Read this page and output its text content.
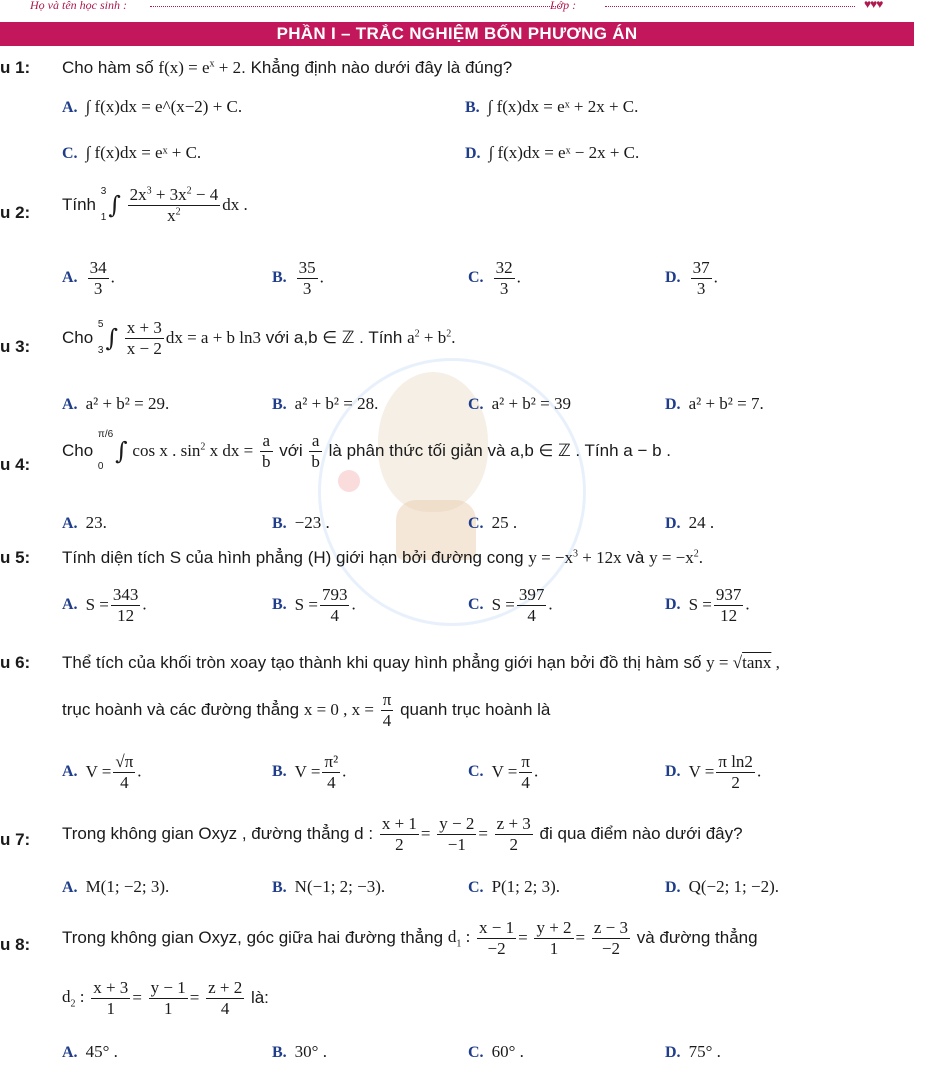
Họ và tên học sinh :	Lớp :	♥♥♥
PHẦN I – TRẮC NGHIỆM BỐN PHƯƠNG ÁN
u 1:	Cho hàm số $f(x) = e^x + 2$. Khẳng định nào dưới đây là đúng?
A. ∫ f(x)dx = e^(x−2) + C.	B. ∫ f(x)dx = eˣ + 2x + C.
C. ∫ f(x)dx = eˣ + C.	D. ∫ f(x)dx = eˣ − 2x + C.
u 2:	Tính
3
1 ∫ $\frac{2x^3 + 3x^2 - 4}{x^2}$ dx .
A. $\frac{34}{3}$ .	B. $\frac{35}{3}$ .	C. $\frac{32}{3}$ .	D. $\frac{37}{3}$ .
u 3:	Cho
5
3 ∫ $\frac{x + 3}{x - 2}$ dx = a + b ln3 với a,b ∈ ℤ . Tính $a^2 + b^2$.
A. a² + b² = 29.	B. a² + b² = 28.	C. a² + b² = 39	D. a² + b² = 7.
u 4:
Cho
π/6
0
∫ cos x . $\sin^2 x$ dx = $\frac{a}{b}$ với $\frac{a}{b}$ là phân thức tối giản và a,b ∈ ℤ . Tính a − b .
A. 23.	B. −23 .	C. 25 .	D. 24 .
u 5:	Tính diện tích S của hình phẳng (H) giới hạn bởi đường cong $y = -x^3 + 12x$ và $y = -x^2$.
A. $S = \frac{343}{12}$ .	B. $S = \frac{793}{4}$ .	C. $S = \frac{397}{4}$ .	D. $S = \frac{937}{12}$ .
u 6:	Thể tích của khối tròn xoay tạo thành khi quay hình phẳng giới hạn bởi đồ thị hàm số y = √tanx ,
trục hoành và các đường thẳng x = 0 , $x = \frac{\pi}{4}$ quanh trục hoành là
A. $V = \frac{√\pi}{4}$ .	B. $V = \frac{\text{π²}}{4}$ .	C. $V = \frac{\pi}{4}$ .	D. $V = \frac{\text{π ln2}}{2}$ .
u 7:	Trong không gian Oxyz , đường thẳng d : $\frac{x + 1}{2} = \frac{y - 2}{-1} = \frac{z + 3}{2}$ đi qua điểm nào dưới đây?
A. M(1; −2; 3).	B. N(−1; 2; −3).	C. P(1; 2; 3).	D. Q(−2; 1; −2).
u 8:	Trong không gian Oxyz, góc giữa hai đường thẳng $d_1$ : $\frac{x - 1}{-2} = \frac{y + 2}{1} = \frac{z - 3}{-2}$ và đường thẳng
$d_2$ : $\frac{x + 3}{1} = \frac{y - 1}{1} = \frac{z + 2}{4}$ là:
A. 45° .	B. 30° .	C. 60° .	D. 75° .
